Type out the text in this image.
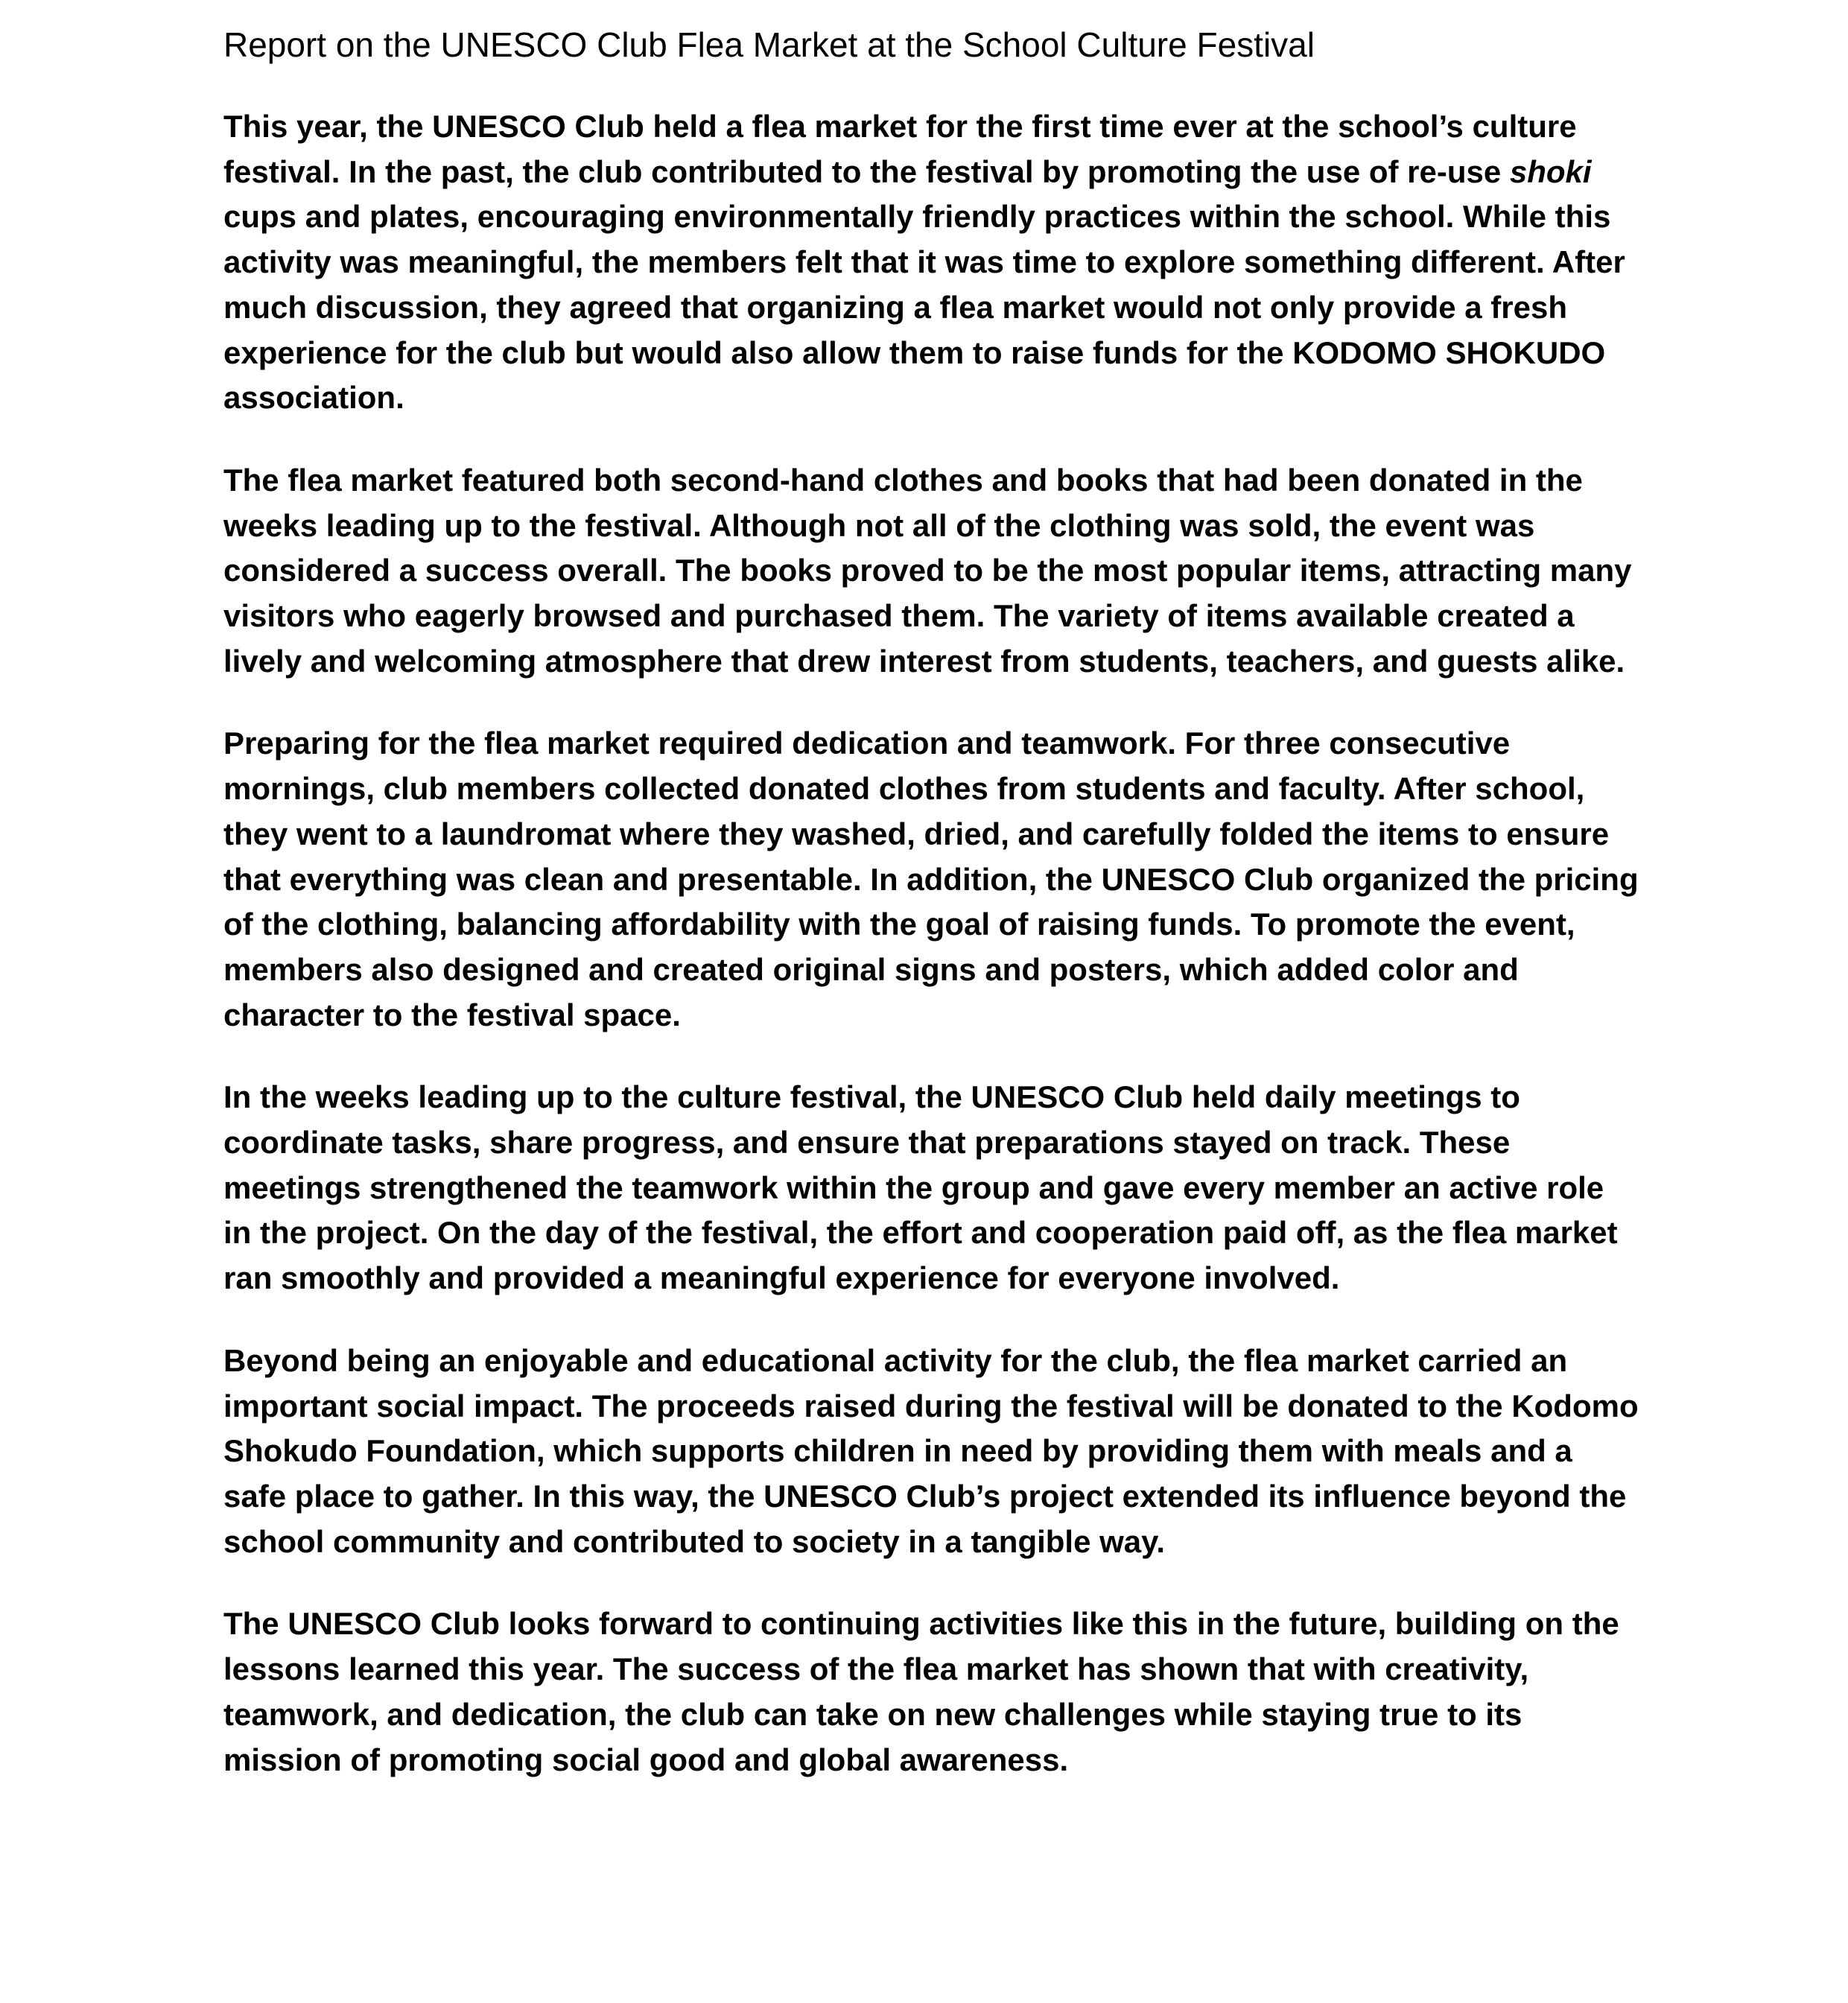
Report on the UNESCO Club Flea Market at the School Culture Festival

This year, the UNESCO Club held a flea market for the first time ever at the school’s culture festival. In the past, the club contributed to the festival by promoting the use of re-use shoki cups and plates, encouraging environmentally friendly practices within the school. While this activity was meaningful, the members felt that it was time to explore something different. After much discussion, they agreed that organizing a flea market would not only provide a fresh experience for the club but would also allow them to raise funds for the KODOMO SHOKUDO association.

The flea market featured both second-hand clothes and books that had been donated in the weeks leading up to the festival. Although not all of the clothing was sold, the event was considered a success overall. The books proved to be the most popular items, attracting many visitors who eagerly browsed and purchased them. The variety of items available created a lively and welcoming atmosphere that drew interest from students, teachers, and guests alike.

Preparing for the flea market required dedication and teamwork. For three consecutive mornings, club members collected donated clothes from students and faculty. After school, they went to a laundromat where they washed, dried, and carefully folded the items to ensure that everything was clean and presentable. In addition, the UNESCO Club organized the pricing of the clothing, balancing affordability with the goal of raising funds. To promote the event, members also designed and created original signs and posters, which added color and character to the festival space.

In the weeks leading up to the culture festival, the UNESCO Club held daily meetings to coordinate tasks, share progress, and ensure that preparations stayed on track. These meetings strengthened the teamwork within the group and gave every member an active role in the project. On the day of the festival, the effort and cooperation paid off, as the flea market ran smoothly and provided a meaningful experience for everyone involved.

Beyond being an enjoyable and educational activity for the club, the flea market carried an important social impact. The proceeds raised during the festival will be donated to the Kodomo Shokudo Foundation, which supports children in need by providing them with meals and a safe place to gather. In this way, the UNESCO Club’s project extended its influence beyond the school community and contributed to society in a tangible way.

The UNESCO Club looks forward to continuing activities like this in the future, building on the lessons learned this year. The success of the flea market has shown that with creativity, teamwork, and dedication, the club can take on new challenges while staying true to its mission of promoting social good and global awareness.
